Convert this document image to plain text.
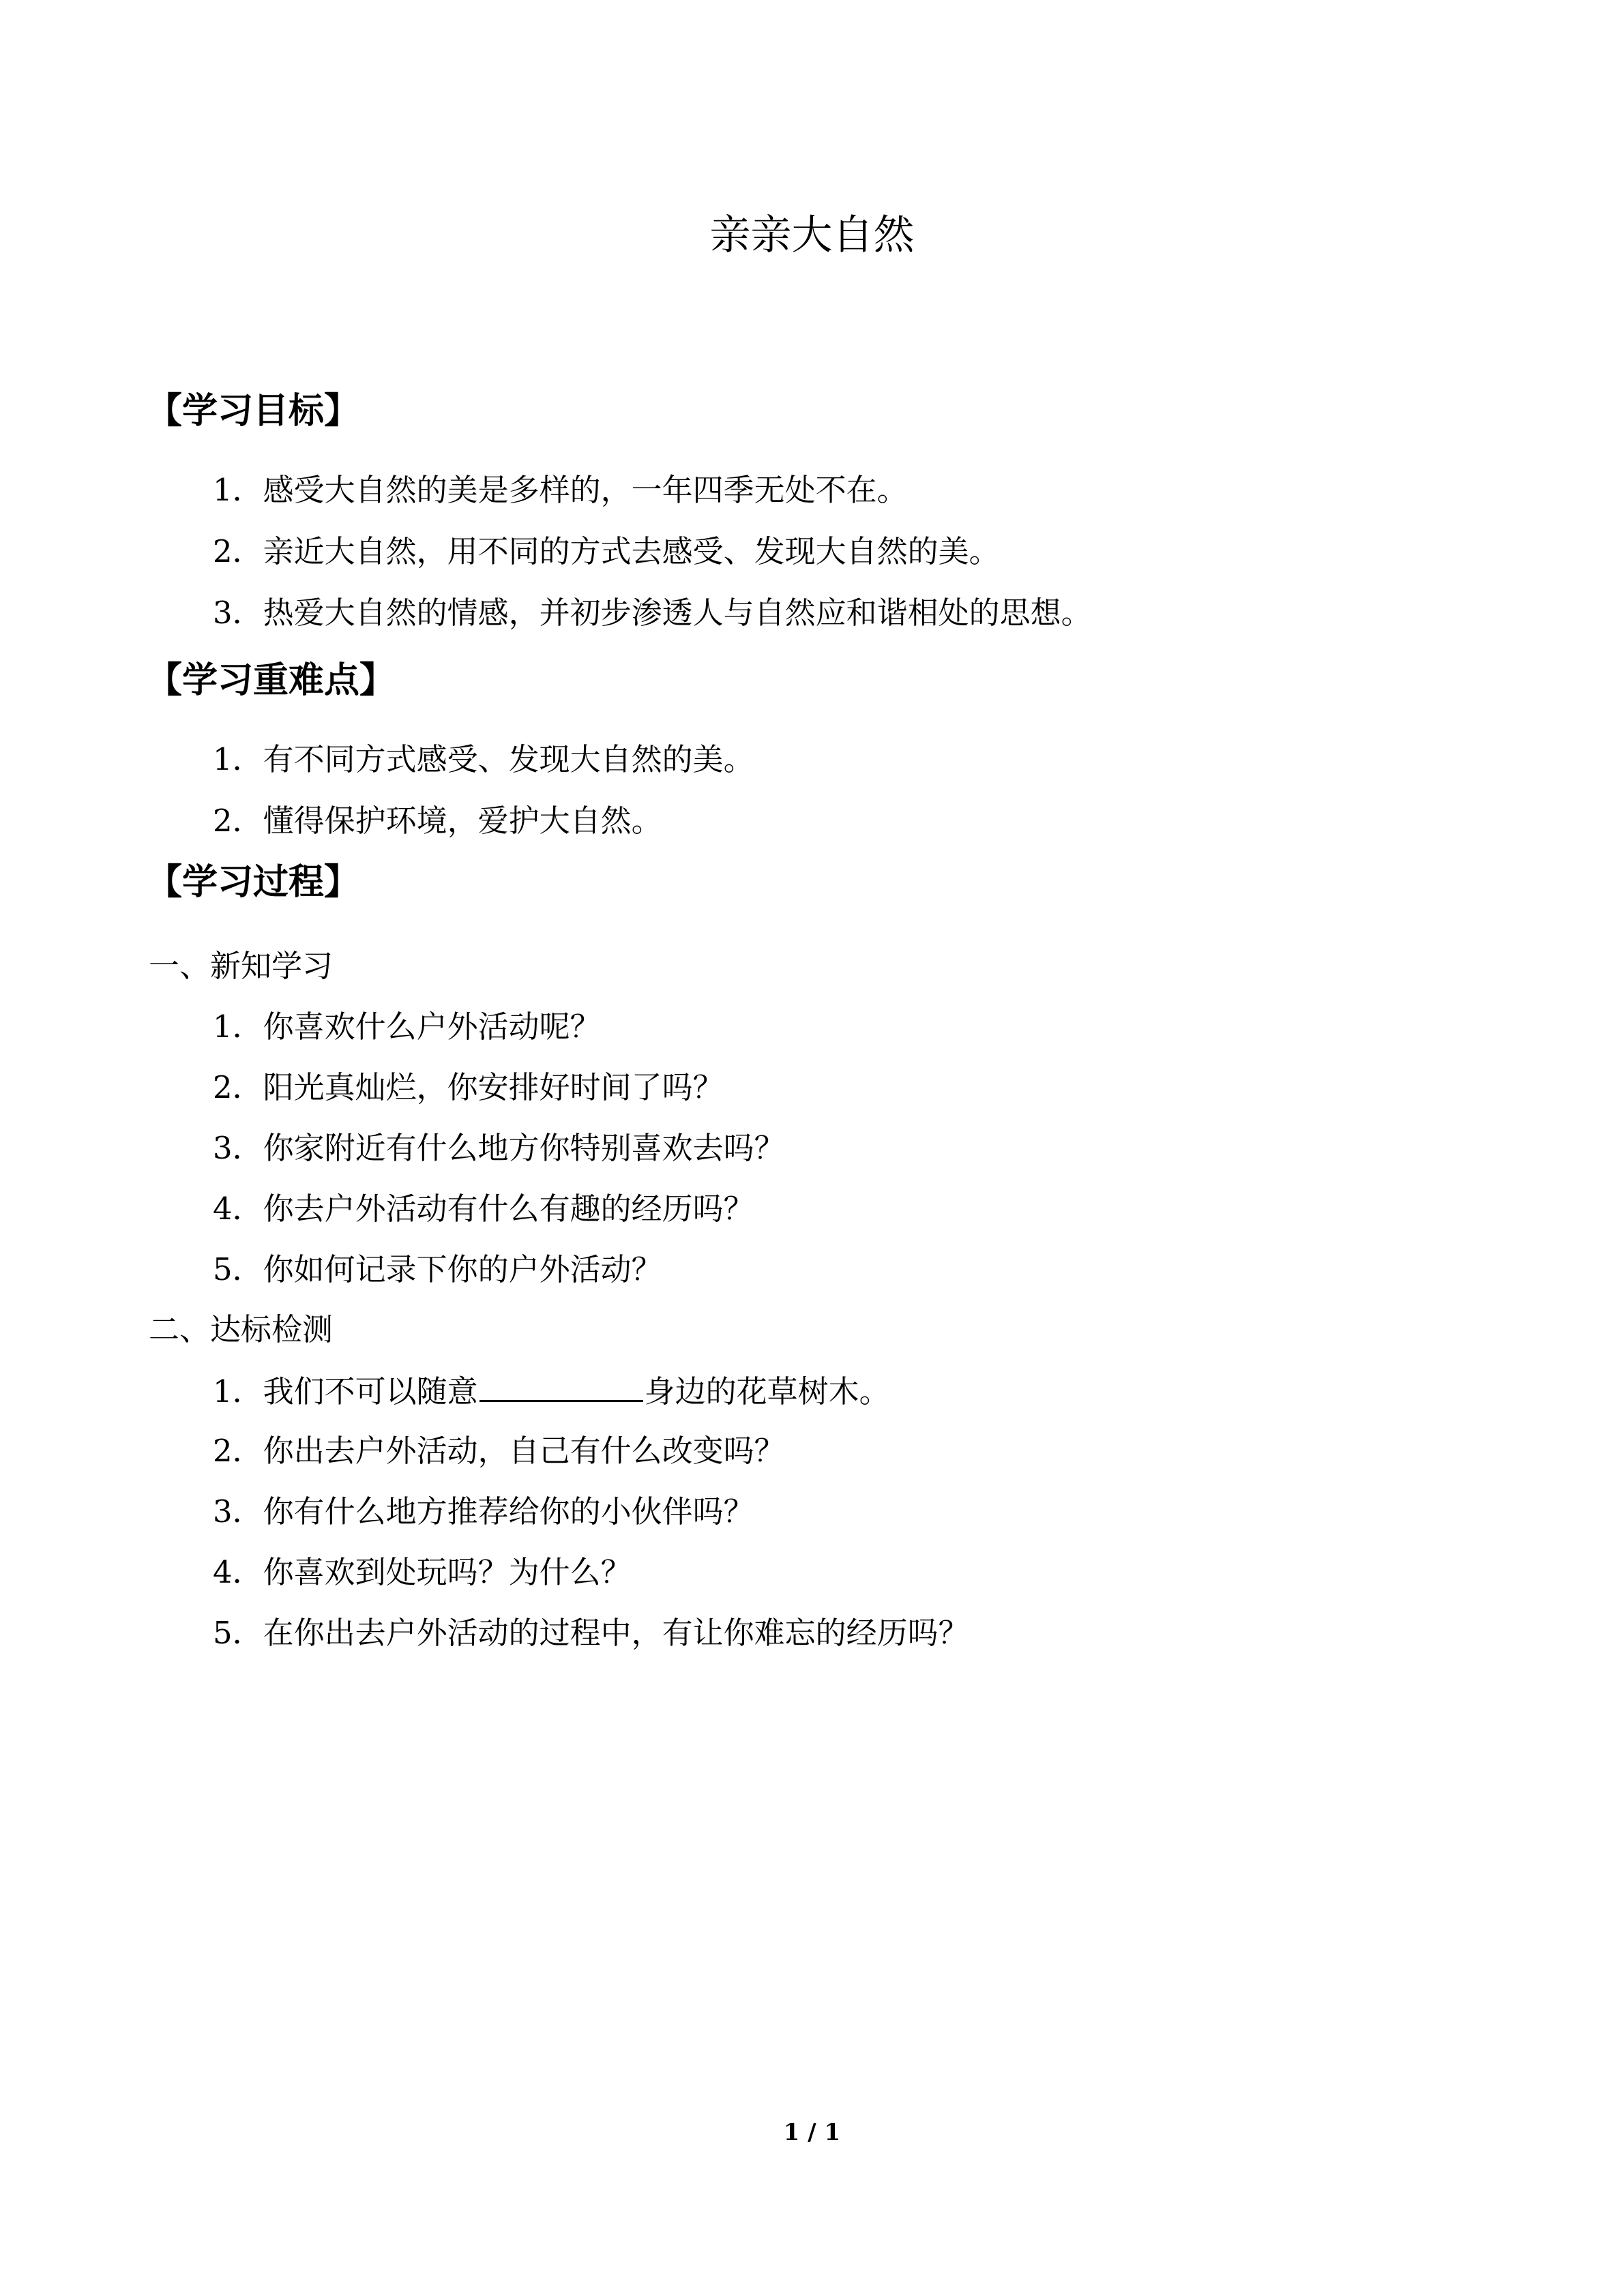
亲亲大自然
【学习目标】

1．感受大自然的美是多样的，一年四季无处不在。

2．亲近大自然，用不同的方式去感受、发现大自然的美。

3．热爱大自然的情感，并初步渗透人与自然应和谐相处的思想。

【学习重难点】

1．有不同方式感受、发现大自然的美。

2．懂得保护环境，爱护大自然。

【学习过程】

一、新知学习

1．你喜欢什么户外活动呢？

2．阳光真灿烂，你安排好时间了吗？

3．你家附近有什么地方你特别喜欢去吗？

4．你去户外活动有什么有趣的经历吗？

5．你如何记录下你的户外活动？

二、达标检测

1．我们不可以随意	身边的花草树木。

2．你出去户外活动，自己有什么改变吗？

3．你有什么地方推荐给你的小伙伴吗？

4．你喜欢到处玩吗？为什么？

5．在你出去户外活动的过程中，有让你难忘的经历吗？

1 / 1
